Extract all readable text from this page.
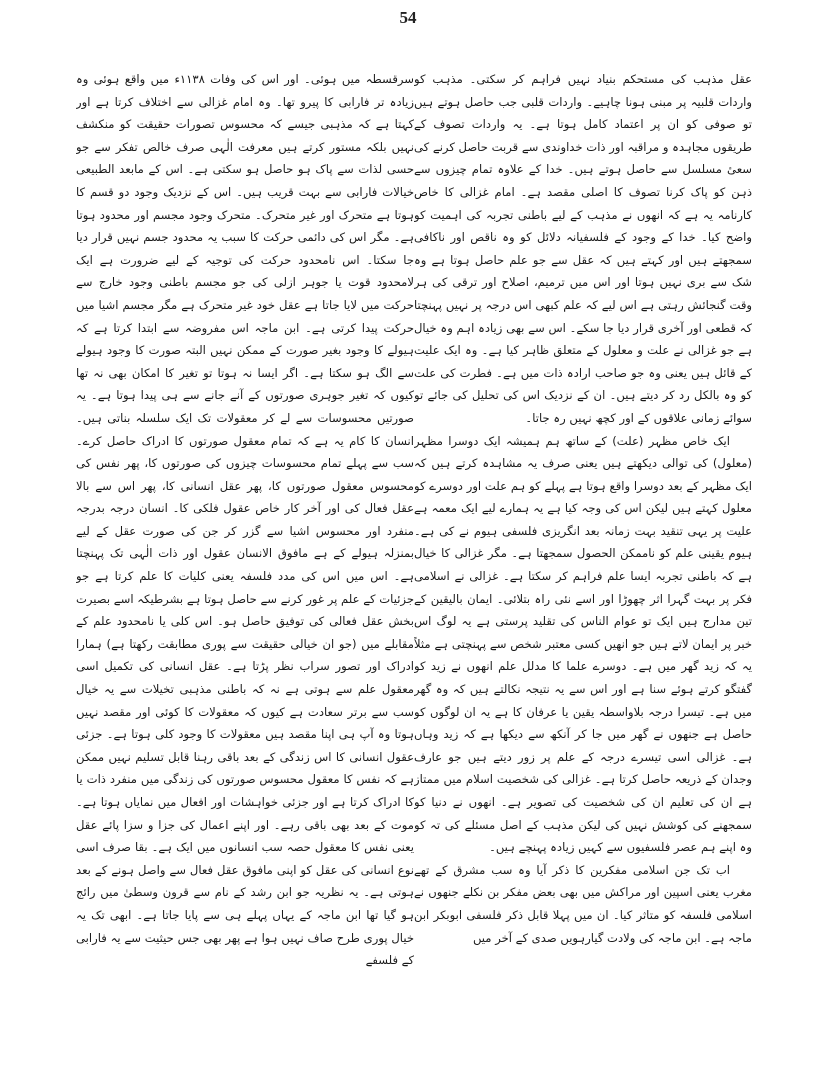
54

عقل مذہب کی مستحکم بنیاد نہیں فراہم کر سکتی۔ مذہب کو واردات قلبیہ پر مبنی ہونا چاہیے۔ واردات قلبی جب حاصل ہوتے ہیں تو صوفی کو ان پر اعتماد کامل ہوتا ہے۔ یہ واردات تصوف کے طریقوں مجاہدہ و مراقبہ اور ذات خداوندی سے قربت حاصل کرنے کی سعیٔ مسلسل سے حاصل ہوتے ہیں۔ خدا کے علاوہ تمام چیزوں سے ذہن کو پاک کرنا تصوف کا اصلی مقصد ہے۔ امام غزالی کا خاص کارنامہ یہ ہے کہ انھوں نے مذہب کے لیے باطنی تجربہ کی اہمیت کو واضح کیا۔ خدا کے وجود کے فلسفیانہ دلائل کو وہ ناقص اور ناکافی سمجھتے ہیں اور کہتے ہیں کہ عقل سے جو علم حاصل ہوتا ہے وہ شک سے بری نہیں ہوتا اور اس میں ترمیم، اصلاح اور ترقی کی ہر وقت گنجائش رہتی ہے اس لیے کہ علم کبھی اس درجہ پر نہیں پہنچتا کہ قطعی اور آخری قرار دیا جا سکے۔ اس سے بھی زیادہ اہم وہ خیال ہے جو غزالی نے علت و معلول کے متعلق ظاہر کیا ہے۔ وہ ایک علیت کے قائل ہیں یعنی وہ جو صاحب ارادہ ذات میں ہے۔ فطرت کی علت کو وہ بالکل رد کر دیتے ہیں۔ ان کے نزدیک اس کی تحلیل کی جائے تو سوائے زمانی علاقوں کے اور کچھ نہیں رہ جاتا۔

ایک خاص مظہر (علت) کے ساتھ ہم ہمیشہ ایک دوسرا مظہر (معلول) کی توالی دیکھتے ہیں یعنی صرف یہ مشاہدہ کرتے ہیں کہ ایک مظہر کے بعد دوسرا واقع ہوتا ہے پہلے کو ہم علت اور دوسرے کو معلول کہتے ہیں لیکن اس کی وجہ کیا ہے یہ ہمارے لیے ایک معمہ ہے علیت پر یہی تنقید بہت زمانہ بعد انگریزی فلسفی ہیوم نے کی ہے۔ ہیوم یقینی علم کو ناممکن الحصول سمجھتا ہے۔ مگر غزالی کا خیال ہے کہ باطنی تجربہ ایسا علم فراہم کر سکتا ہے۔ غزالی نے اسلامی فکر پر بہت گہرا اثر چھوڑا اور اسے نئی راہ بتلائی۔ ایمان بالیقین کے تین مدارج ہیں ایک تو عوام الناس کی تقلید پرستی ہے یہ لوگ اس خبر پر ایمان لاتے ہیں جو انھیں کسی معتبر شخص سے پہنچتی ہے مثلاً یہ کہ زید گھر میں ہے۔ دوسرے علما کا مدلل علم انھوں نے زید کو گفتگو کرتے ہوئے سنا ہے اور اس سے یہ نتیجہ نکالتے ہیں کہ وہ گھر میں ہے۔ تیسرا درجہ بلاواسطہ یقین یا عرفان کا ہے یہ ان لوگوں کو حاصل ہے جنھوں نے گھر میں جا کر آنکھ سے دیکھا ہے کہ زید وہاں ہے۔ غزالی اسی تیسرے درجہ کے علم پر زور دیتے ہیں جو عارف وجدان کے ذریعہ حاصل کرتا ہے۔ غزالی کی شخصیت اسلام میں ممتاز ہے ان کی تعلیم ان کی شخصیت کی تصویر ہے۔ انھوں نے دنیا کو سمجھنے کی کوشش نہیں کی لیکن مذہب کے اصل مسئلے کی تہ کو وہ اپنے ہم عصر فلسفیوں سے کہیں زیادہ پہنچے ہیں۔

اب تک جن اسلامی مفکرین کا ذکر آیا وہ سب مشرق کے تھے مغرب یعنی اسپین اور مراکش میں بھی بعض مفکر بن نکلے جنھوں نے اسلامی فلسفہ کو متاثر کیا۔ ان میں پہلا قابل ذکر فلسفی ابوبکر ابن ماجہ ہے۔ ابن ماجہ کی ولادت گیارہویں صدی کے آخر میں

سرقسطہ میں ہوئی۔ اور اس کی وفات ۱۱۳۸ء میں واقع ہوئی وہ زیادہ تر فارابی کا پیرو تھا۔ وہ امام غزالی سے اختلاف کرتا ہے اور کہتا ہے کہ مذہبی جیسے کہ محسوس تصورات حقیقت کو منکشف نہیں بلکہ مستور کرتے ہیں معرفت الٰہی صرف خالص تفکر سے جو حسی لذات سے پاک ہو حاصل ہو سکتی ہے۔ اس کے مابعد الطبیعی خیالات فارابی سے بہت قریب ہیں۔ اس کے نزدیک وجود دو قسم کا ہوتا ہے متحرک اور غیر متحرک۔ متحرک وجود مجسم اور محدود ہوتا ہے۔ مگر اس کی دائمی حرکت کا سبب یہ محدود جسم نہیں قرار دیا جا سکتا۔ اس نامحدود حرکت کی توجیہ کے لیے ضرورت ہے ایک لامحدود قوت یا جوہر ازلی کی جو مجسم باطنی وجود خارج سے حرکت میں لایا جاتا ہے عقل خود غیر متحرک ہے مگر مجسم اشیا میں حرکت پیدا کرتی ہے۔ ابن ماجہ اس مفروضہ سے ابتدا کرتا ہے کہ ہیولے کا وجود بغیر صورت کے ممکن نہیں البتہ صورت کا وجود ہیولے سے الگ ہو سکتا ہے۔ اگر ایسا نہ ہوتا تو تغیر کا امکان بھی نہ تھا کیوں کہ تغیر جوہری صورتوں کے آنے جانے سے ہی پیدا ہوتا ہے۔ یہ صورتیں محسوسات سے لے کر معقولات تک ایک سلسلہ بناتی ہیں۔ انسان کا کام یہ ہے کہ تمام معقول صورتوں کا ادراک حاصل کرے۔ سب سے پہلے تمام محسوسات چیزوں کی صورتوں کا، پھر نفس کی محسوس معقول صورتوں کا، پھر عقل انسانی کا، پھر اس سے بالا عقل فعال کی اور آخر کار خاص عقول فلکی کا۔ انسان درجہ بدرجہ منفرد اور محسوس اشیا سے گزر کر جن کی صورت عقل کے لیے بمنزلہ ہیولے کے ہے مافوق الانسان عقول اور ذات الٰہی تک پہنچتا ہے۔ اس میں اس کی مدد فلسفہ یعنی کلیات کا علم کرتا ہے جو جزئیات کے علم پر غور کرنے سے حاصل ہوتا ہے بشرطیکہ اسے بصیرت بخش عقل فعالی کی توفیق حاصل ہو۔ اس کلی یا نامحدود علم کے مقابلے میں (جو ان خیالی حقیقت سے پوری مطابقت رکھتا ہے) ہمارا ادراک اور تصور سراب نظر پڑتا ہے۔ عقل انسانی کی تکمیل اسی معقول علم سے ہوتی ہے نہ کہ باطنی مذہبی تخیلات سے یہ خیال سب سے برتر سعادت ہے کیوں کہ معقولات کا کوئی اور مقصد نہیں ہوتا وہ آپ ہی اپنا مقصد ہیں معقولات کا وجود کلی ہوتا ہے۔ جزئی عقول انسانی کا اس زندگی کے بعد باقی رہنا قابل تسلیم نہیں ممکن ہے کہ نفس کا معقول محسوس صورتوں کی زندگی میں منفرد ذات یا کا ادراک کرتا ہے اور جزئی خواہشات اور افعال میں نمایاں ہوتا ہے۔ موت کے بعد بھی باقی رہے۔ اور اپنے اعمال کی جزا و سزا پائے عقل یعنی نفس کا معقول حصہ سب انسانوں میں ایک ہے۔ بقا صرف اسی نوع انسانی کی عقل کو اپنی مافوق عقل فعال سے واصل ہونے کے بعد ہوتی ہے۔ یہ نظریہ جو ابن رشد کے نام سے قرون وسطیٰ میں رائج ہو گیا تھا ابن ماجہ کے یہاں پہلے ہی سے پایا جاتا ہے۔ ابھی تک یہ خیال پوری طرح صاف نہیں ہوا ہے پھر بھی جس حیثیت سے یہ فارابی کے فلسفے
